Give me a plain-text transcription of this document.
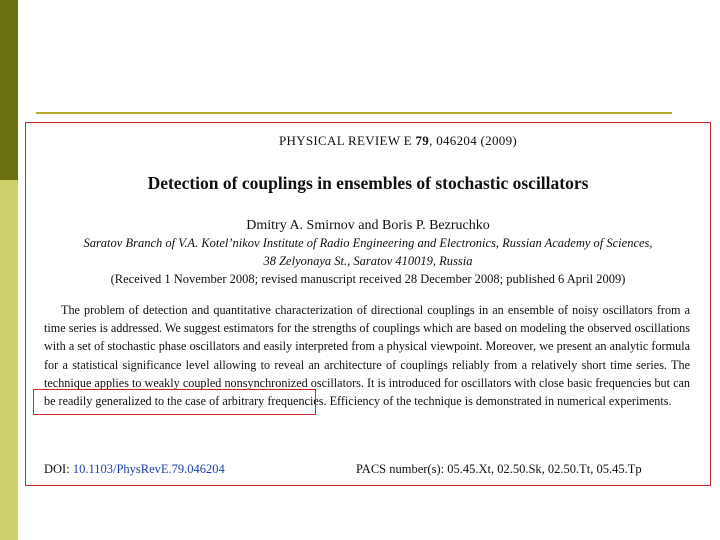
PHYSICAL REVIEW E 79, 046204 (2009)
Detection of couplings in ensembles of stochastic oscillators
Dmitry A. Smirnov and Boris P. Bezruchko
Saratov Branch of V.A. Kotel’nikov Institute of Radio Engineering and Electronics, Russian Academy of Sciences,
38 Zelyonaya St., Saratov 410019, Russia
(Received 1 November 2008; revised manuscript received 28 December 2008; published 6 April 2009)

The problem of detection and quantitative characterization of directional couplings in an ensemble of noisy oscillators from a time series is addressed. We suggest estimators for the strengths of couplings which are based on modeling the observed oscillations with a set of stochastic phase oscillators and easily interpreted from a physical viewpoint. Moreover, we present an analytic formula for a statistical significance level allowing to reveal an architecture of couplings reliably from a relatively short time series. The technique applies to weakly coupled nonsynchronized oscillators. It is introduced for oscillators with close basic frequencies but can be readily generalized to the case of arbitrary frequencies. Efficiency of the technique is demonstrated in numerical experiments.

DOI: 10.1103/PhysRevE.79.046204	PACS number(s): 05.45.Xt, 02.50.Sk, 02.50.Tt, 05.45.Tp
